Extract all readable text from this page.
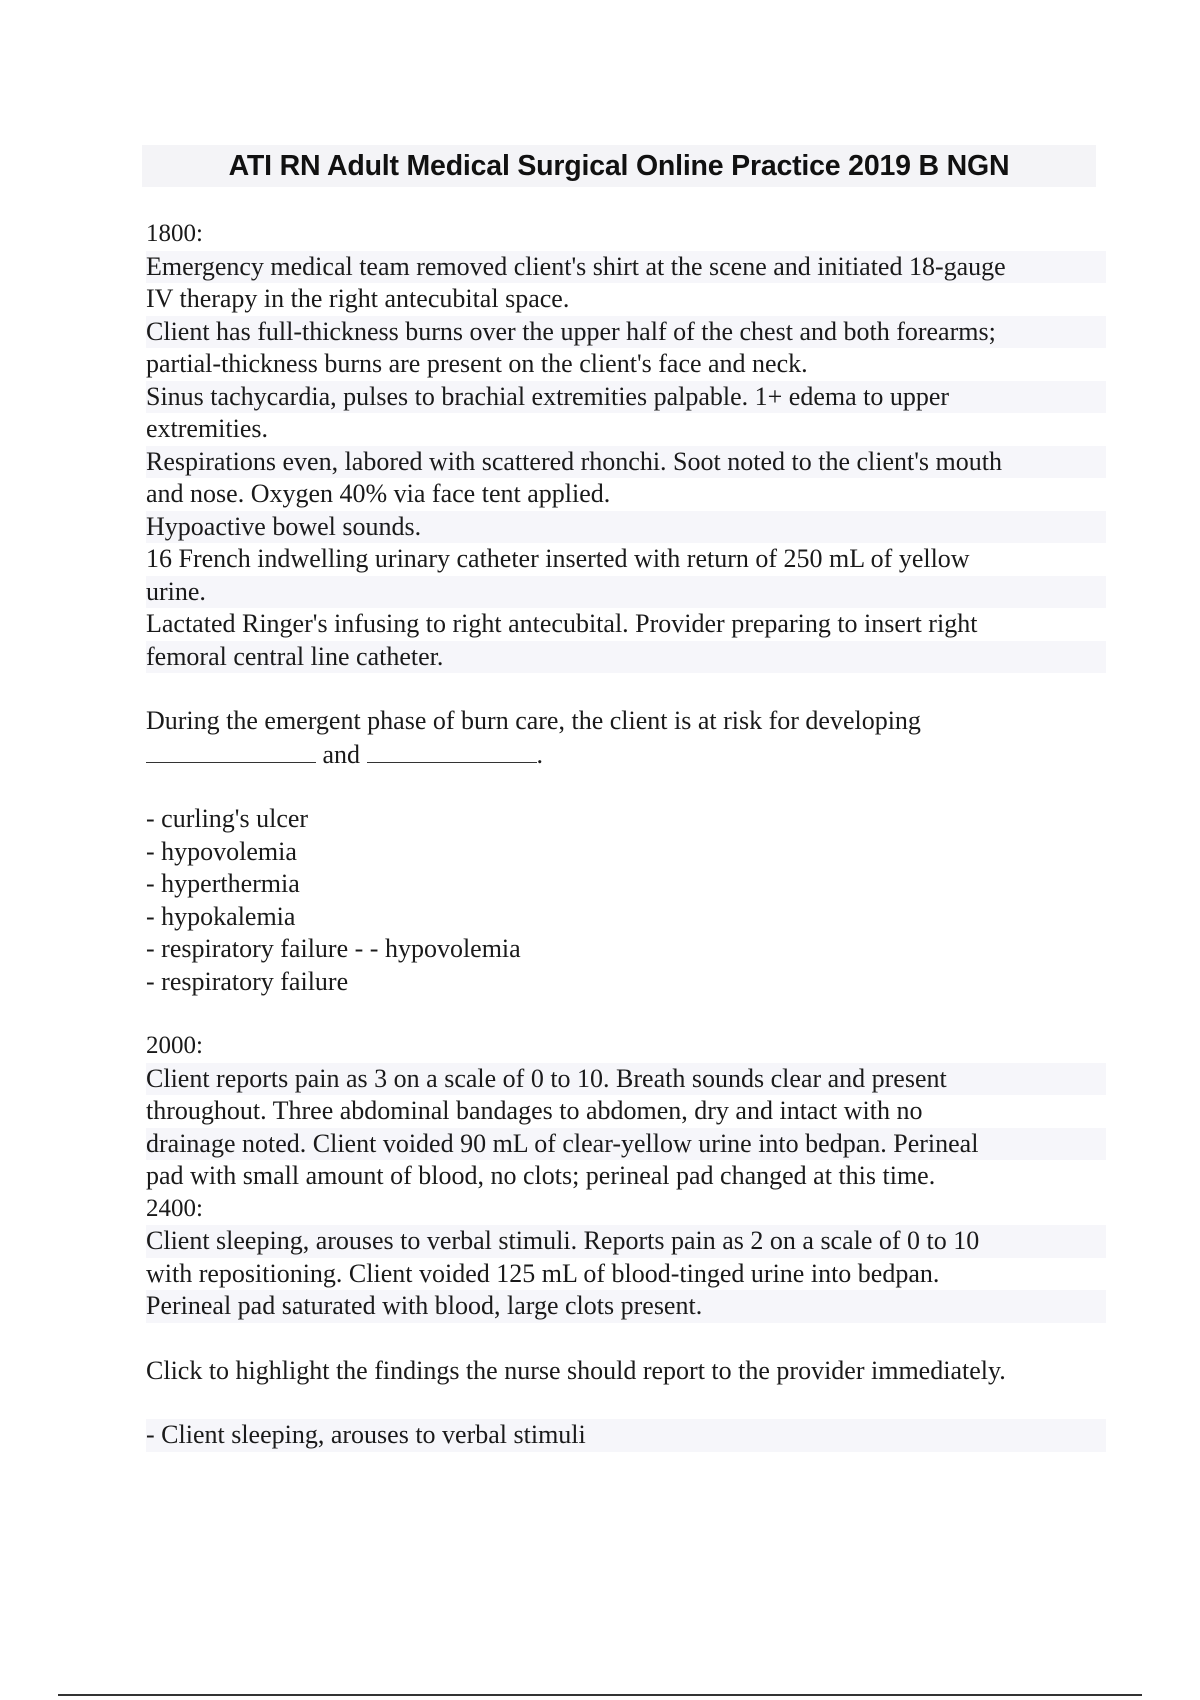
ATI RN Adult Medical Surgical Online Practice 2019 B NGN
1800:
Emergency medical team removed client's shirt at the scene and initiated 18-gauge
IV therapy in the right antecubital space.
Client has full-thickness burns over the upper half of the chest and both forearms;
partial-thickness burns are present on the client's face and neck.
Sinus tachycardia, pulses to brachial extremities palpable. 1+ edema to upper
extremities.
Respirations even, labored with scattered rhonchi. Soot noted to the client's mouth
and nose. Oxygen 40% via face tent applied.
Hypoactive bowel sounds.
16 French indwelling urinary catheter inserted with return of 250 mL of yellow
urine.
Lactated Ringer's infusing to right antecubital. Provider preparing to insert right
femoral central line catheter.
During the emergent phase of burn care, the client is at risk for developing
and	.
- curling's ulcer
- hypovolemia
- hyperthermia
- hypokalemia
- respiratory failure - - hypovolemia
- respiratory failure
2000:
Client reports pain as 3 on a scale of 0 to 10. Breath sounds clear and present
throughout. Three abdominal bandages to abdomen, dry and intact with no
drainage noted. Client voided 90 mL of clear-yellow urine into bedpan. Perineal
pad with small amount of blood, no clots; perineal pad changed at this time.
2400:
Client sleeping, arouses to verbal stimuli. Reports pain as 2 on a scale of 0 to 10
with repositioning. Client voided 125 mL of blood-tinged urine into bedpan.
Perineal pad saturated with blood, large clots present.
Click to highlight the findings the nurse should report to the provider immediately.
- Client sleeping, arouses to verbal stimuli
